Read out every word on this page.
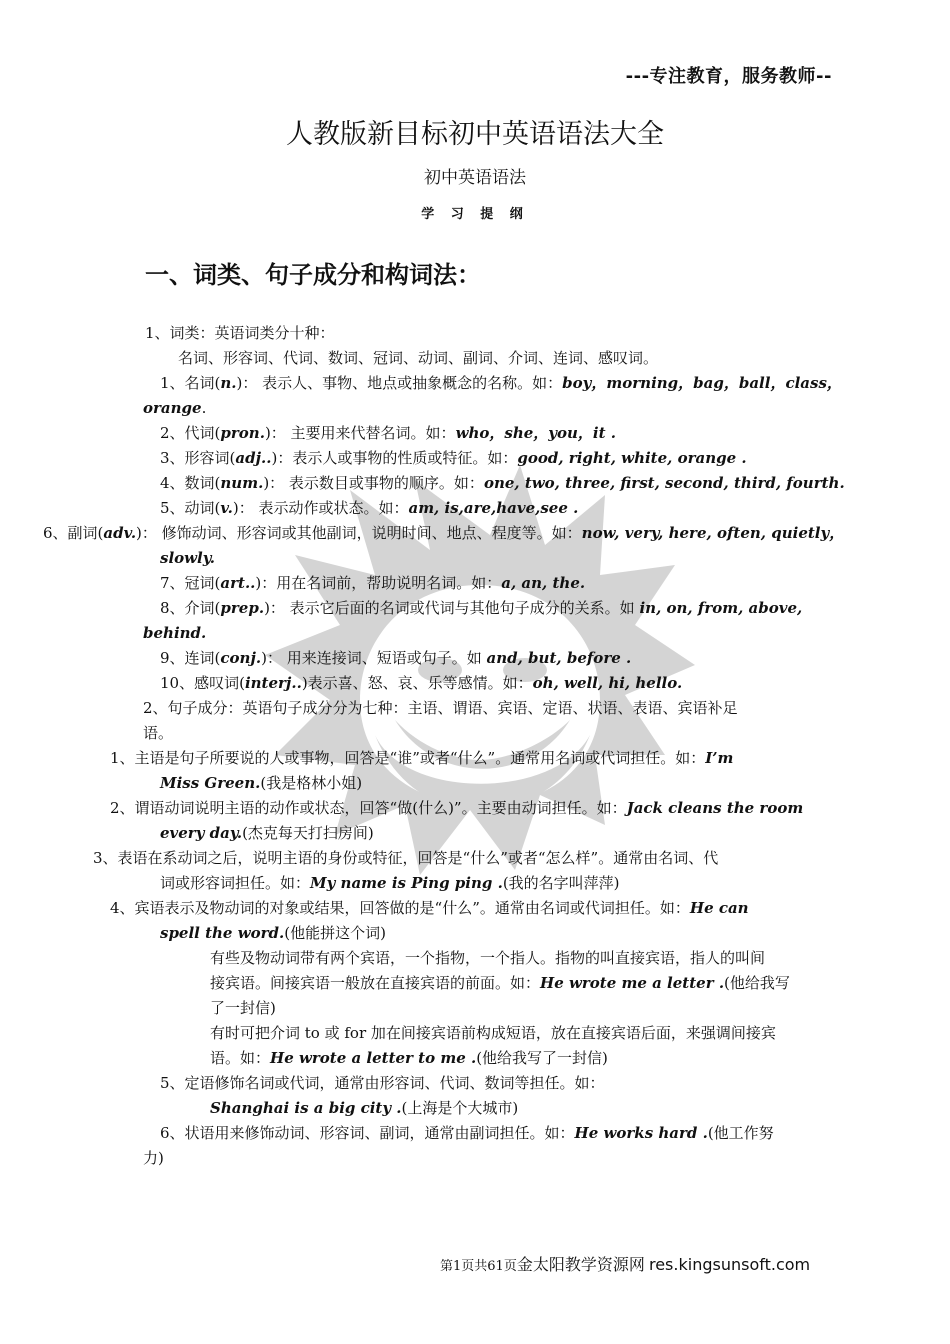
---专注教育，服务教师--
人教版新目标初中英语语法大全
初中英语语法
学 习 提 纲
一、词类、句子成分和构词法：
1、词类：英语词类分十种：
名词、形容词、代词、数词、冠词、动词、副词、介词、连词、感叹词。
1、名词(n.)： 表示人、事物、地点或抽象概念的名称。如：boy，morning，bag，ball，class，
orange.
2、代词(pron.)： 主要用来代替名词。如：who，she，you，it .
3、形容词(adj..)：表示人或事物的性质或特征。如：good, right, white, orange .
4、数词(num.)： 表示数目或事物的顺序。如：one, two, three, first, second, third, fourth.
5、动词(v.)： 表示动作或状态。如：am, is,are,have,see .
6、副词(adv.)： 修饰动词、形容词或其他副词，说明时间、地点、程度等。如：now, very, here, often, quietly，
slowly.
7、冠词(art..)：用在名词前，帮助说明名词。如：a, an, the.
8、介词(prep.)： 表示它后面的名词或代词与其他句子成分的关系。如 in, on, from, above,
behind.
9、连词(conj.)： 用来连接词、短语或句子。如 and, but, before .
10、感叹词(interj..)表示喜、怒、哀、乐等感情。如：oh, well, hi, hello.
2、句子成分：英语句子成分分为七种：主语、谓语、宾语、定语、状语、表语、宾语补足
语。
1、主语是句子所要说的人或事物，回答是“谁”或者“什么”。通常用名词或代词担任。如：I’m
Miss Green.(我是格林小姐)
2、谓语动词说明主语的动作或状态，回答“做(什么)”。主要由动词担任。如：Jack cleans the room
every day.(杰克每天打扫房间)
3、表语在系动词之后，说明主语的身份或特征，回答是“什么”或者“怎么样”。通常由名词、代
词或形容词担任。如：My name is Ping ping .(我的名字叫萍萍)
4、宾语表示及物动词的对象或结果，回答做的是“什么”。通常由名词或代词担任。如：He can
spell the word.(他能拼这个词)
有些及物动词带有两个宾语，一个指物，一个指人。指物的叫直接宾语，指人的叫间
接宾语。间接宾语一般放在直接宾语的前面。如：He wrote me a letter .(他给我写
了一封信)
有时可把介词 to 或 for 加在间接宾语前构成短语，放在直接宾语后面，来强调间接宾
语。如：He wrote a letter to me .(他给我写了一封信)
5、定语修饰名词或代词，通常由形容词、代词、数词等担任。如：
Shanghai is a big city .(上海是个大城市)
6、状语用来修饰动词、形容词、副词，通常由副词担任。如：He works hard .(他工作努
力)
第1页共61页金太阳教学资源网 res.kingsunsoft.com
